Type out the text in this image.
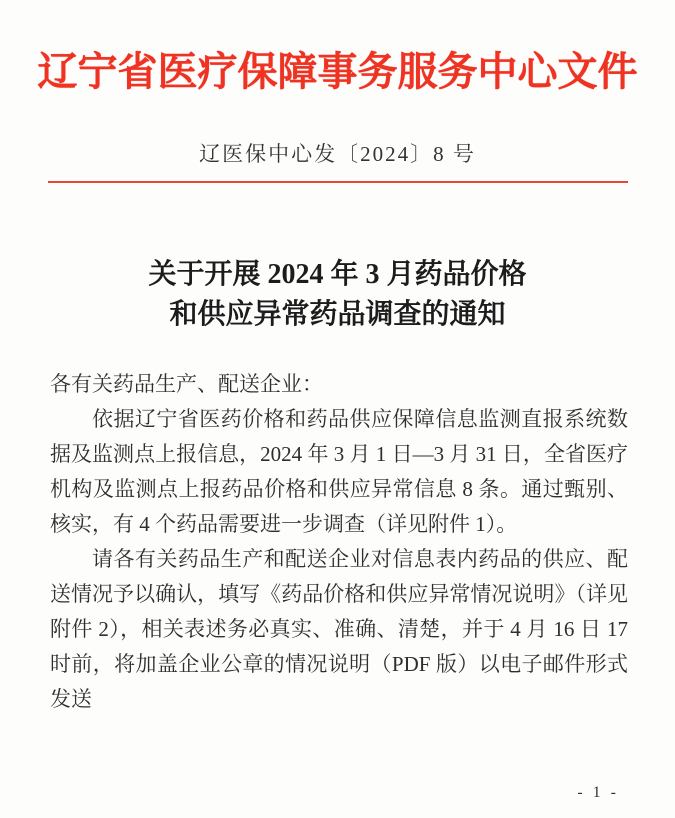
辽宁省医疗保障事务服务中心文件
辽医保中心发〔2024〕8 号
关于开展 2024 年 3 月药品价格
和供应异常药品调查的通知

各有关药品生产、配送企业：

依据辽宁省医药价格和药品供应保障信息监测直报系统数据及监测点上报信息，2024 年 3 月 1 日—3 月 31 日，全省医疗机构及监测点上报药品价格和供应异常信息 8 条。通过甄别、核实，有 4 个药品需要进一步调查（详见附件 1）。

请各有关药品生产和配送企业对信息表内药品的供应、配送情况予以确认，填写《药品价格和供应异常情况说明》（详见附件 2），相关表述务必真实、准确、清楚，并于 4 月 16 日 17 时前，将加盖企业公章的情况说明（PDF 版）以电子邮件形式发送

- 1 -
